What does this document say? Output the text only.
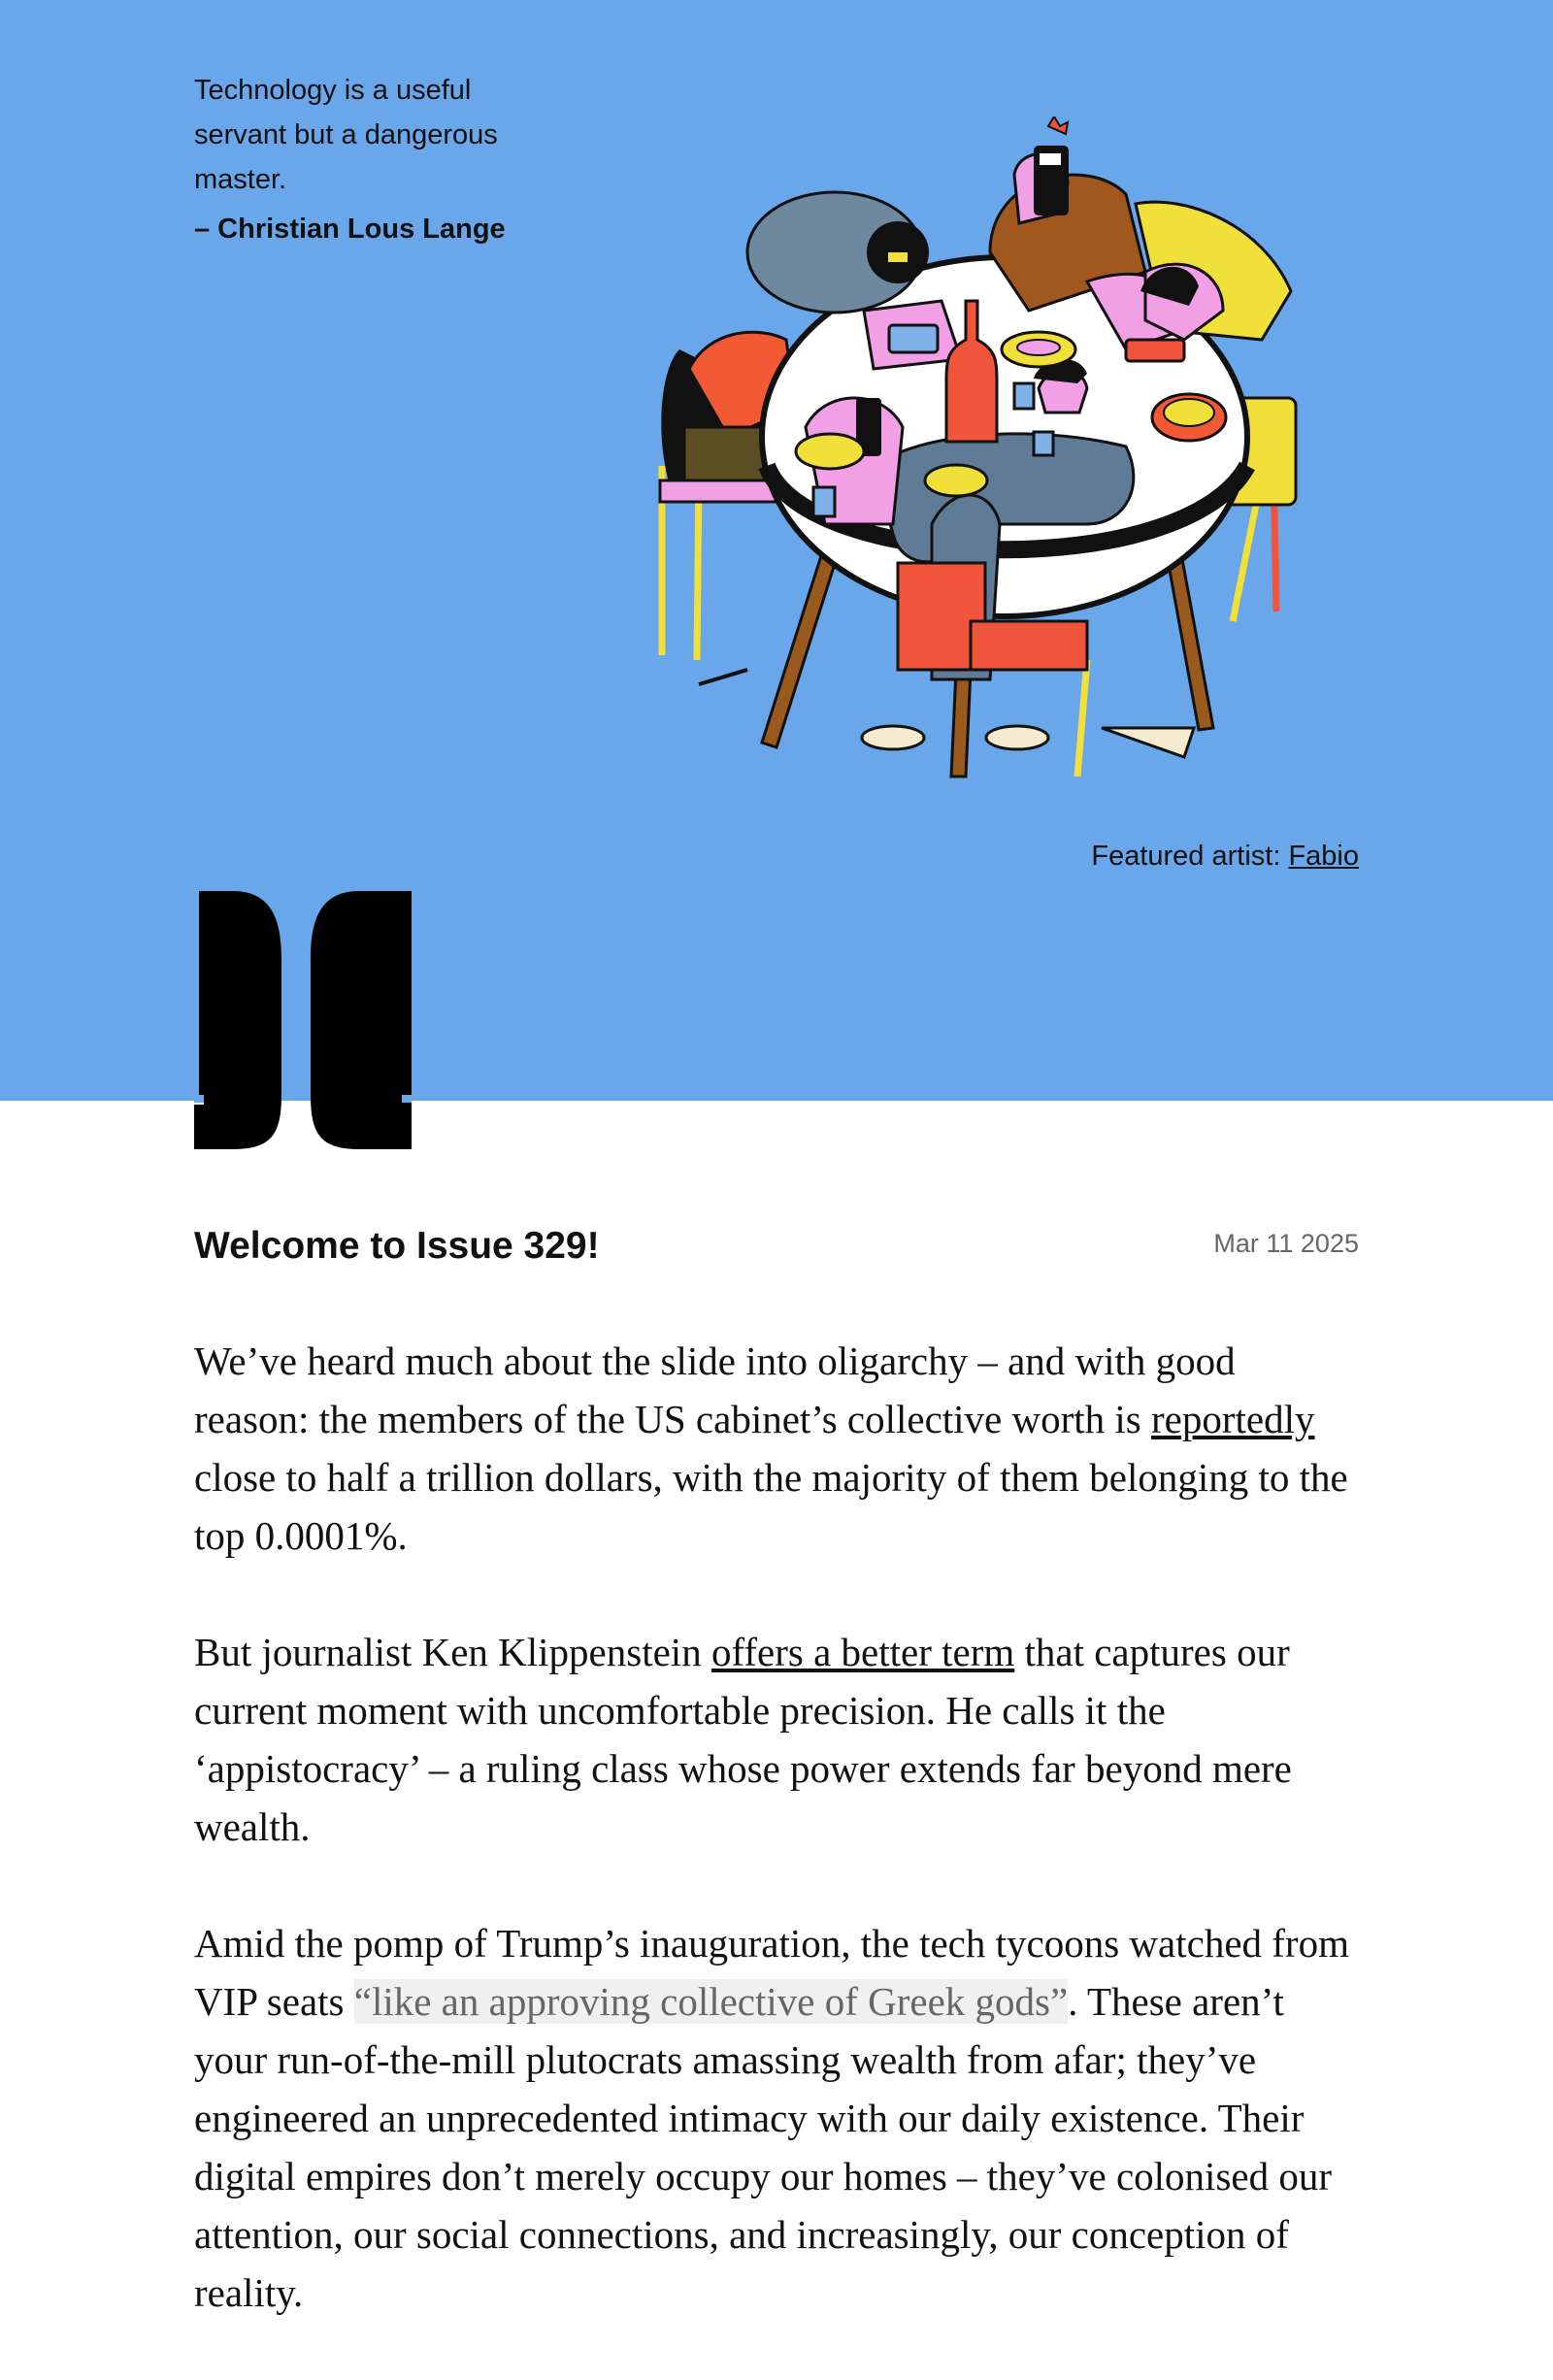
Technology is a useful servant but a dangerous master.
– Christian Lous Lange
Featured artist: Fabio
Welcome to Issue 329!	Mar 11 2025

We’ve heard much about the slide into oligarchy – and with good reason: the members of the US cabinet’s collective worth is reportedly close to half a trillion dollars, with the majority of them belonging to the top 0.0001%.

But journalist Ken Klippenstein offers a better term that captures our current moment with uncomfortable precision. He calls it the ‘appistocracy’ – a ruling class whose power extends far beyond mere wealth.

Amid the pomp of Trump’s inauguration, the tech tycoons watched from VIP seats “like an approving collective of Greek gods”. These aren’t your run-of-the-mill plutocrats amassing wealth from afar; they’ve engineered an unprecedented intimacy with our daily existence. Their digital empires don’t merely occupy our homes – they’ve colonised our attention, our social connections, and increasingly, our conception of reality.
